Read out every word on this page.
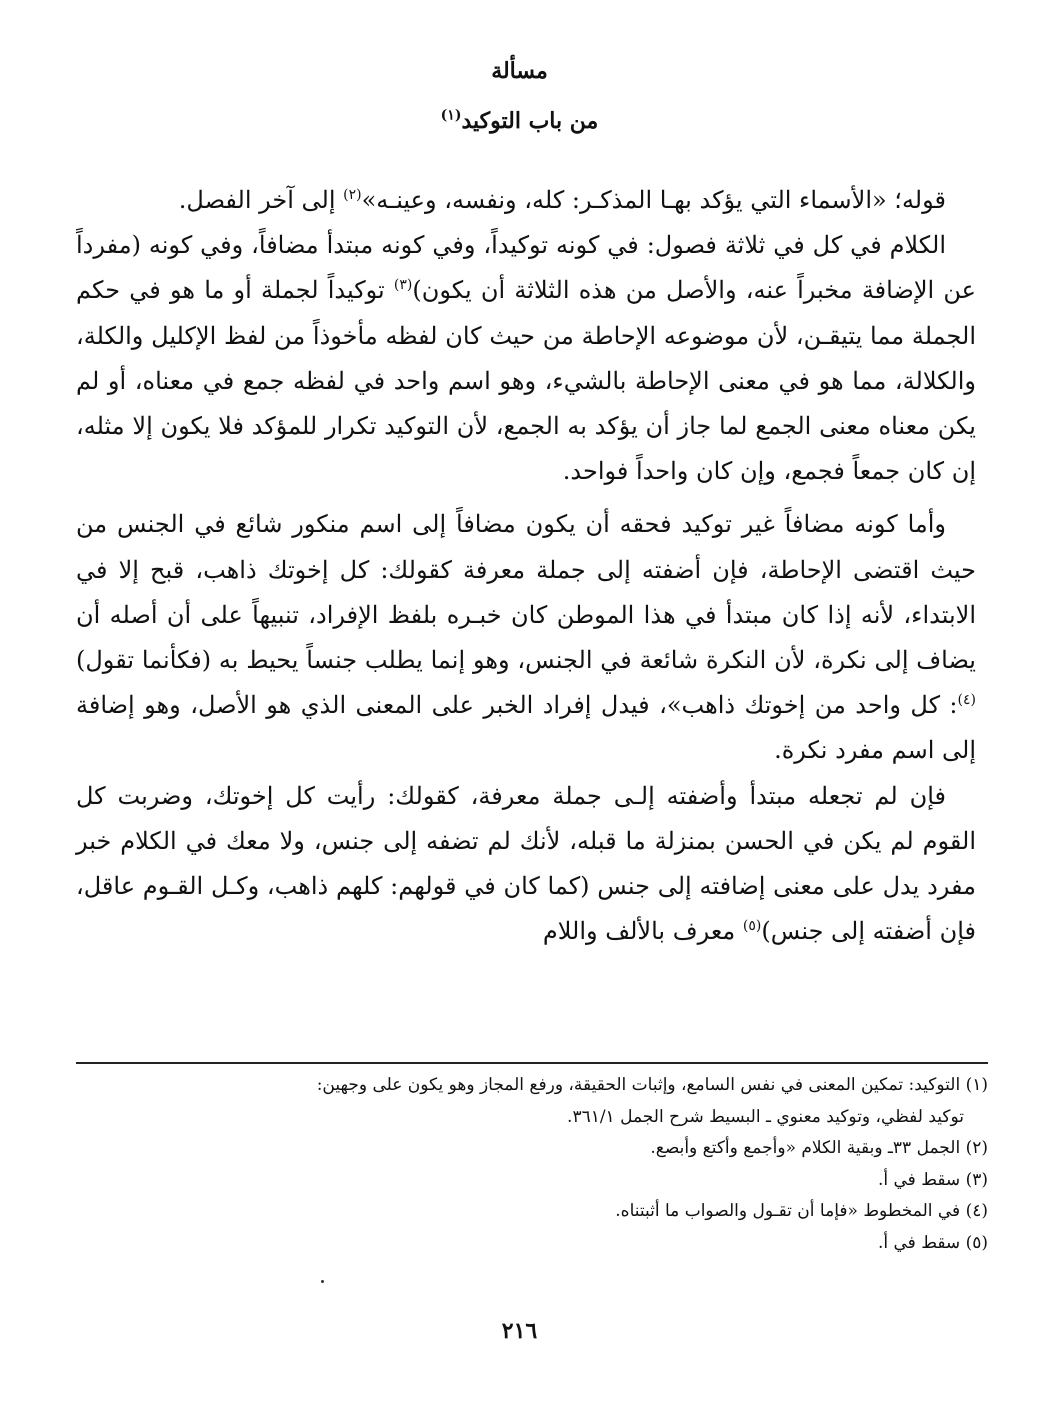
مسألة
من باب التوكيد$^{(١)}$

قوله؛ «الأسماء التي يؤكد بهـا المذكـر: كله، ونفسه، وعينـه»$^{(٢)}$ إلى آخر الفصل.

الكلام في كل في ثلاثة فصول: في كونه توكيداً، وفي كونه مبتدأ مضافاً، وفي كونه (مفرداً عن الإضافة مخبراً عنه، والأصل من هذه الثلاثة أن يكون)$^{(٣)}$ توكيداً لجملة أو ما هو في حكم الجملة مما يتيقـن، لأن موضوعه الإحاطة من حيث كان لفظه مأخوذاً من لفظ الإكليل والكلة، والكلالة، مما هو في معنى الإحاطة بالشيء، وهو اسم واحد في لفظه جمع في معناه، أو لم يكن معناه معنى الجمع لما جاز أن يؤكد به الجمع، لأن التوكيد تكرار للمؤكد فلا يكون إلا مثله، إن كان جمعاً فجمع، وإن كان واحداً فواحد.

وأما كونه مضافاً غير توكيد فحقه أن يكون مضافاً إلى اسم منكور شائع في الجنس من حيث اقتضى الإحاطة، فإن أضفته إلى جملة معرفة كقولك: كل إخوتك ذاهب، قبح إلا في الابتداء، لأنه إذا كان مبتدأ في هذا الموطن كان خبـره بلفظ الإفراد، تنبيهاً على أن أصله أن يضاف إلى نكرة، لأن النكرة شائعة في الجنس، وهو إنما يطلب جنساً يحيط به (فكأنما تقول)$^{(٤)}$: كل واحد من إخوتك ذاهب»، فيدل إفراد الخبر على المعنى الذي هو الأصل، وهو إضافة إلى اسم مفرد نكرة.

فإن لم تجعله مبتدأ وأضفته إلـى جملة معرفة، كقولك: رأيت كل إخوتك، وضربت كل القوم لم يكن في الحسن بمنزلة ما قبله، لأنك لم تضفه إلى جنس، ولا معك في الكلام خبر مفرد يدل على معنى إضافته إلى جنس (كما كان في قولهم: كلهم ذاهب، وكـل القـوم عاقل، فإن أضفته إلى جنس)$^{(٥)}$ معرف بالألف واللام

(١) التوكيد: تمكين المعنى في نفس السامع، وإثبات الحقيقة، ورفع المجاز وهو يكون على وجهين:

توكيد لفظي، وتوكيد معنوي ـ البسيط شرح الجمل ٣٦١/١.

(٢) الجمل ٣٣ـ وبقية الكلام «وأجمع وأكتع وأبصع.

(٣) سقط في أ.

(٤) في المخطوط «فإما أن تقـول والصواب ما أثبتناه.

(٥) سقط في أ.

٢١٦
